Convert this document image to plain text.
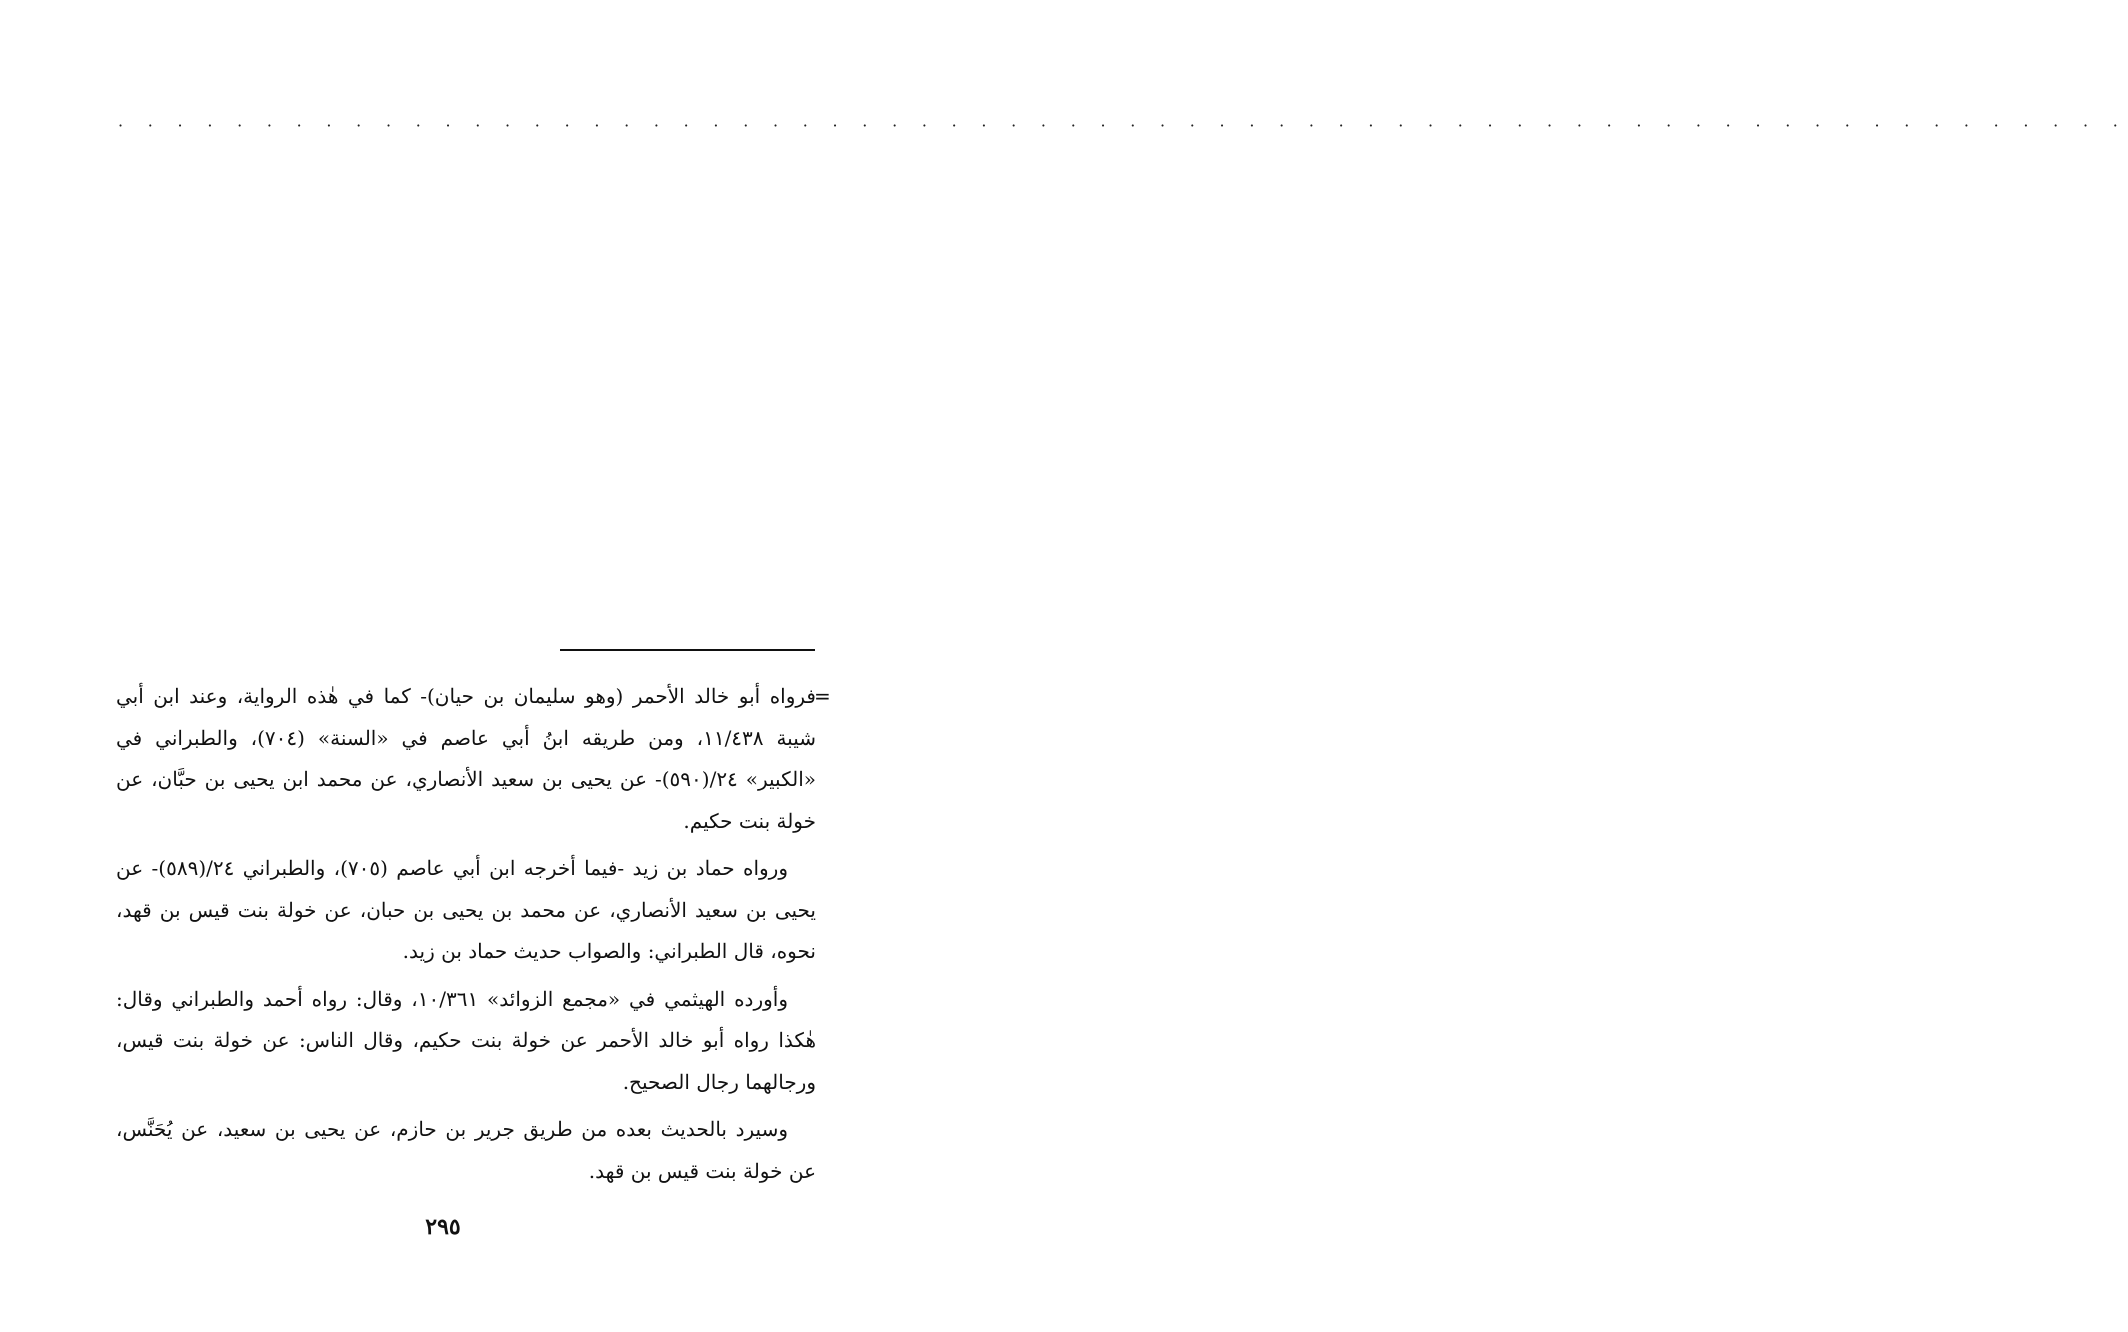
· · · · · · · · · · · · · · · · · · · · · · · · · · · · · · · · · · · · · · · · · · · · · · · · · · · · · · · · · · · · · · · · · · · ·
=

فرواه أبو خالد الأحمر (وهو سليمان بن حيان)- كما في هٰذه الرواية، وعند ابن أبي شيبة ١١/٤٣٨، ومن طريقه ابنُ أبي عاصم في «السنة» (٧٠٤)، والطبراني في «الكبير» ٢٤/(٥٩٠)- عن يحيى بن سعيد الأنصاري، عن محمد ابن يحيى بن حبَّان، عن خولة بنت حكيم.

ورواه حماد بن زيد -فيما أخرجه ابن أبي عاصم (٧٠٥)، والطبراني ٢٤/(٥٨٩)- عن يحيى بن سعيد الأنصاري، عن محمد بن يحيى بن حبان، عن خولة بنت قيس بن قهد، نحوه، قال الطبراني: والصواب حديث حماد بن زيد.

وأورده الهيثمي في «مجمع الزوائد» ١٠/٣٦١، وقال: رواه أحمد والطبراني وقال: هٰكذا رواه أبو خالد الأحمر عن خولة بنت حكيم، وقال الناس: عن خولة بنت قيس، ورجالهما رجال الصحيح.

وسيرد بالحديث بعده من طريق جرير بن حازم، عن يحيى بن سعيد، عن يُحَنَّس، عن خولة بنت قيس بن قهد.

٢٩٥
